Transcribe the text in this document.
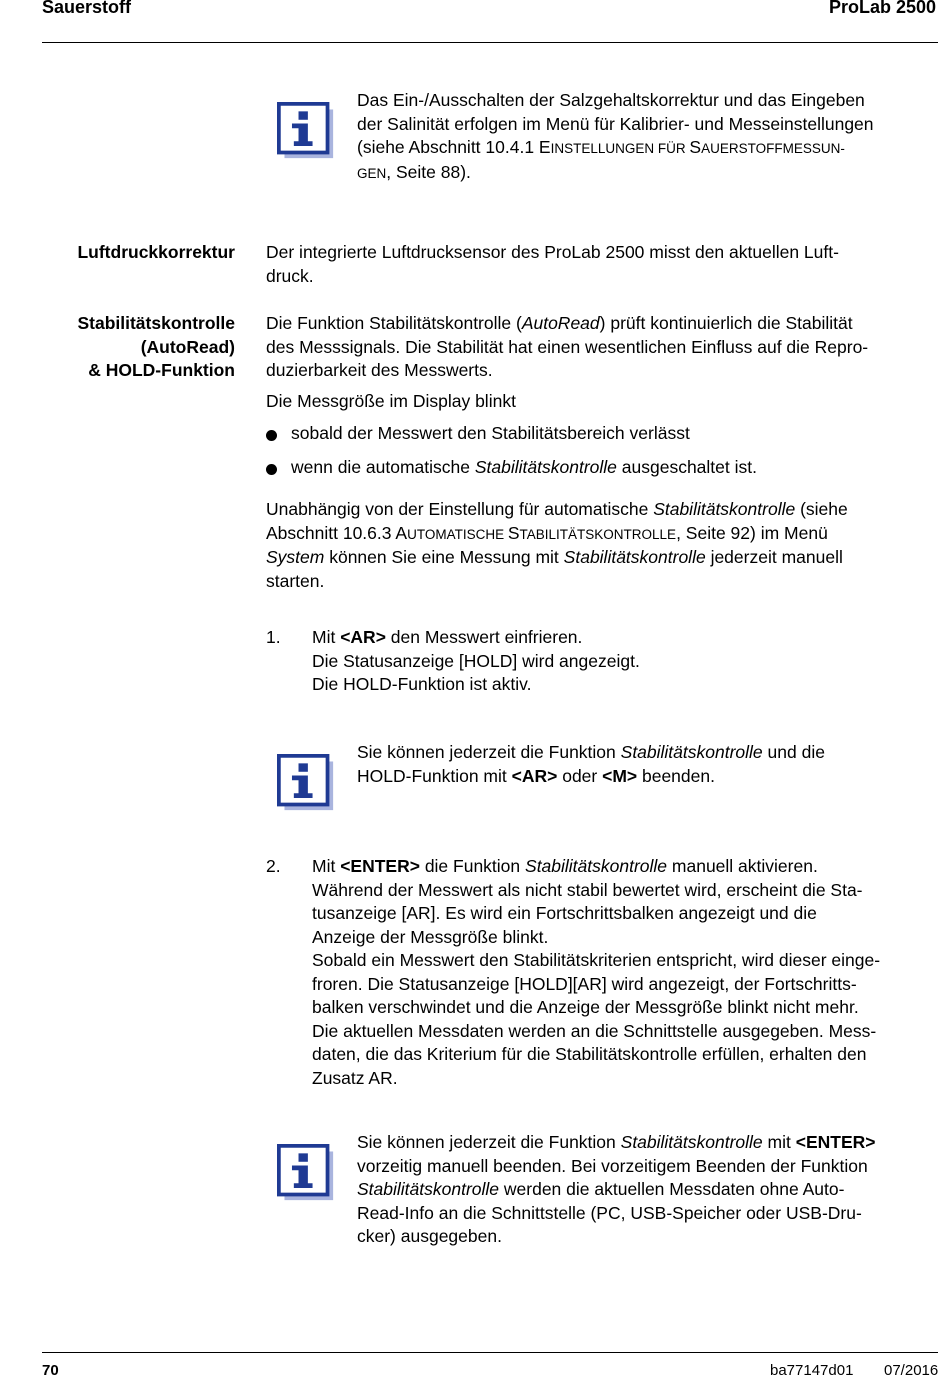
Sauerstoff	ProLab 2500
Das Ein-/Ausschalten der Salzgehaltskorrektur und das Eingeben
der Salinität erfolgen im Menü für Kalibrier- und Messeinstellungen
(siehe Abschnitt 10.4.1 EINSTELLUNGEN FÜR SAUERSTOFFMESSUN-
GEN, Seite 88).
Luftdruckkorrektur Der integrierte Luftdrucksensor des ProLab 2500 misst den aktuellen Luft-
druck.
Stabilitätskontrolle
(AutoRead)
& HOLD-Funktion
Die Funktion Stabilitätskontrolle (AutoRead) prüft kontinuierlich die Stabilität
des Messsignals. Die Stabilität hat einen wesentlichen Einfluss auf die Repro-
duzierbarkeit des Messwerts.
Die Messgröße im Display blinkt
sobald der Messwert den Stabilitätsbereich verlässt
wenn die automatische Stabilitätskontrolle ausgeschaltet ist.
Unabhängig von der Einstellung für automatische Stabilitätskontrolle (siehe
Abschnitt 10.6.3 AUTOMATISCHE STABILITÄTSKONTROLLE, Seite 92) im Menü
System können Sie eine Messung mit Stabilitätskontrolle jederzeit manuell
starten.
1. Mit <AR> den Messwert einfrieren.
Die Statusanzeige [HOLD] wird angezeigt.
Die HOLD-Funktion ist aktiv.
Sie können jederzeit die Funktion Stabilitätskontrolle und die
HOLD-Funktion mit <AR> oder <M> beenden.
2. Mit <ENTER> die Funktion Stabilitätskontrolle manuell aktivieren.
Während der Messwert als nicht stabil bewertet wird, erscheint die Sta-
tusanzeige [AR]. Es wird ein Fortschrittsbalken angezeigt und die
Anzeige der Messgröße blinkt.
Sobald ein Messwert den Stabilitätskriterien entspricht, wird dieser einge-
froren. Die Statusanzeige [HOLD][AR] wird angezeigt, der Fortschritts-
balken verschwindet und die Anzeige der Messgröße blinkt nicht mehr.
Die aktuellen Messdaten werden an die Schnittstelle ausgegeben. Mess-
daten, die das Kriterium für die Stabilitätskontrolle erfüllen, erhalten den
Zusatz AR.
Sie können jederzeit die Funktion Stabilitätskontrolle mit <ENTER>
vorzeitig manuell beenden. Bei vorzeitigem Beenden der Funktion
Stabilitätskontrolle werden die aktuellen Messdaten ohne Auto-
Read-Info an die Schnittstelle (PC, USB-Speicher oder USB-Dru-
cker) ausgegeben.
70	ba77147d01 07/2016
